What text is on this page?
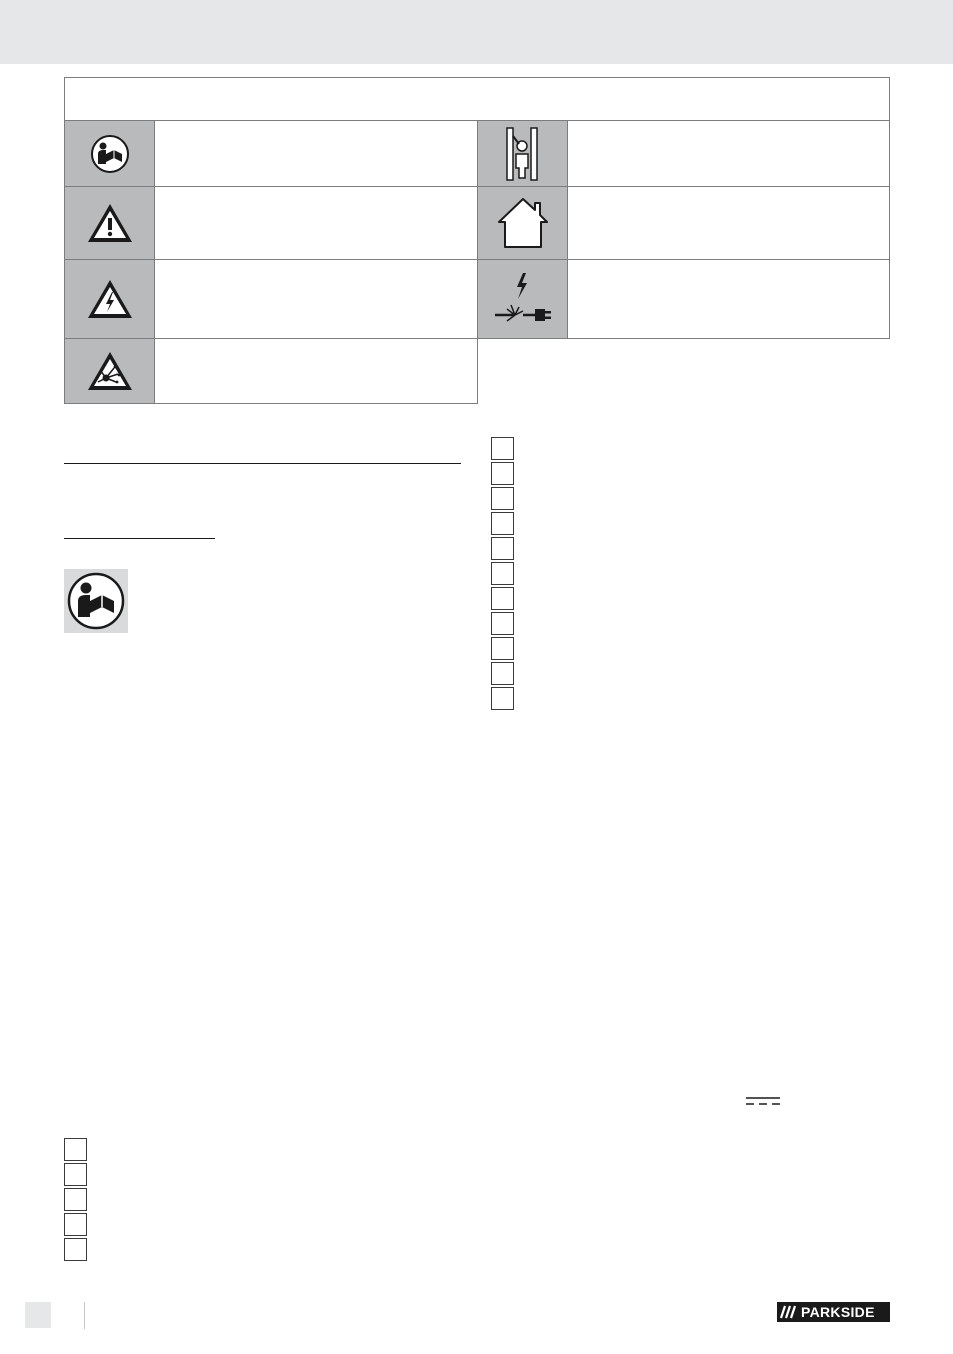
PARKSIDE
